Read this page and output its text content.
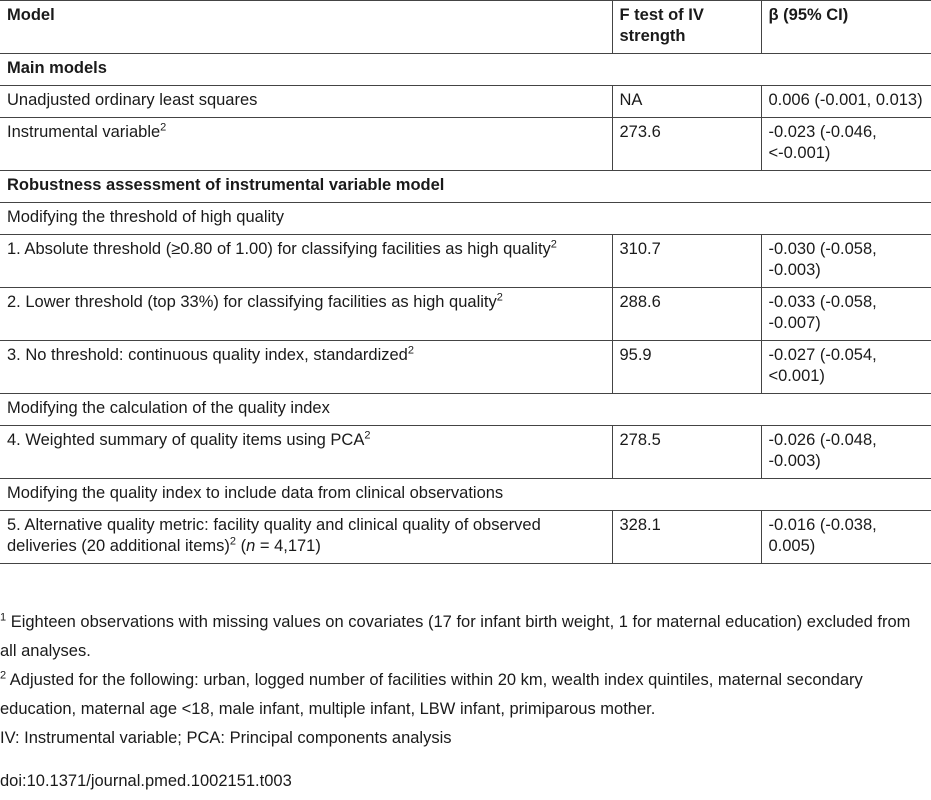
Model	F test of IV strength	β (95% CI)
Main models		
Unadjusted ordinary least squares	NA	0.006 (-0.001, 0.013)
Instrumental variable$^2$	273.6	-0.023 (-0.046, <-0.001)
Robustness assessment of instrumental variable model		
Modifying the threshold of high quality		
1. Absolute threshold (≥0.80 of 1.00) for classifying facilities as high quality$^2$	310.7	-0.030 (-0.058, -0.003)
2. Lower threshold (top 33%) for classifying facilities as high quality$^2$	288.6	-0.033 (-0.058, -0.007)
3. No threshold: continuous quality index, standardized$^2$	95.9	-0.027 (-0.054, <0.001)
Modifying the calculation of the quality index		
4. Weighted summary of quality items using PCA$^2$	278.5	-0.026 (-0.048, -0.003)
Modifying the quality index to include data from clinical observations		
5. Alternative quality metric: facility quality and clinical quality of observed deliveries (20 additional items)$^2$ (n = 4,171)	328.1	-0.016 (-0.038, 0.005)

$^1$ Eighteen observations with missing values on covariates (17 for infant birth weight, 1 for maternal education) excluded from all analyses.

$^2$ Adjusted for the following: urban, logged number of facilities within 20 km, wealth index quintiles, maternal secondary education, maternal age <18, male infant, multiple infant, LBW infant, primiparous mother.

IV: Instrumental variable; PCA: Principal components analysis

doi:10.1371/journal.pmed.1002151.t003
